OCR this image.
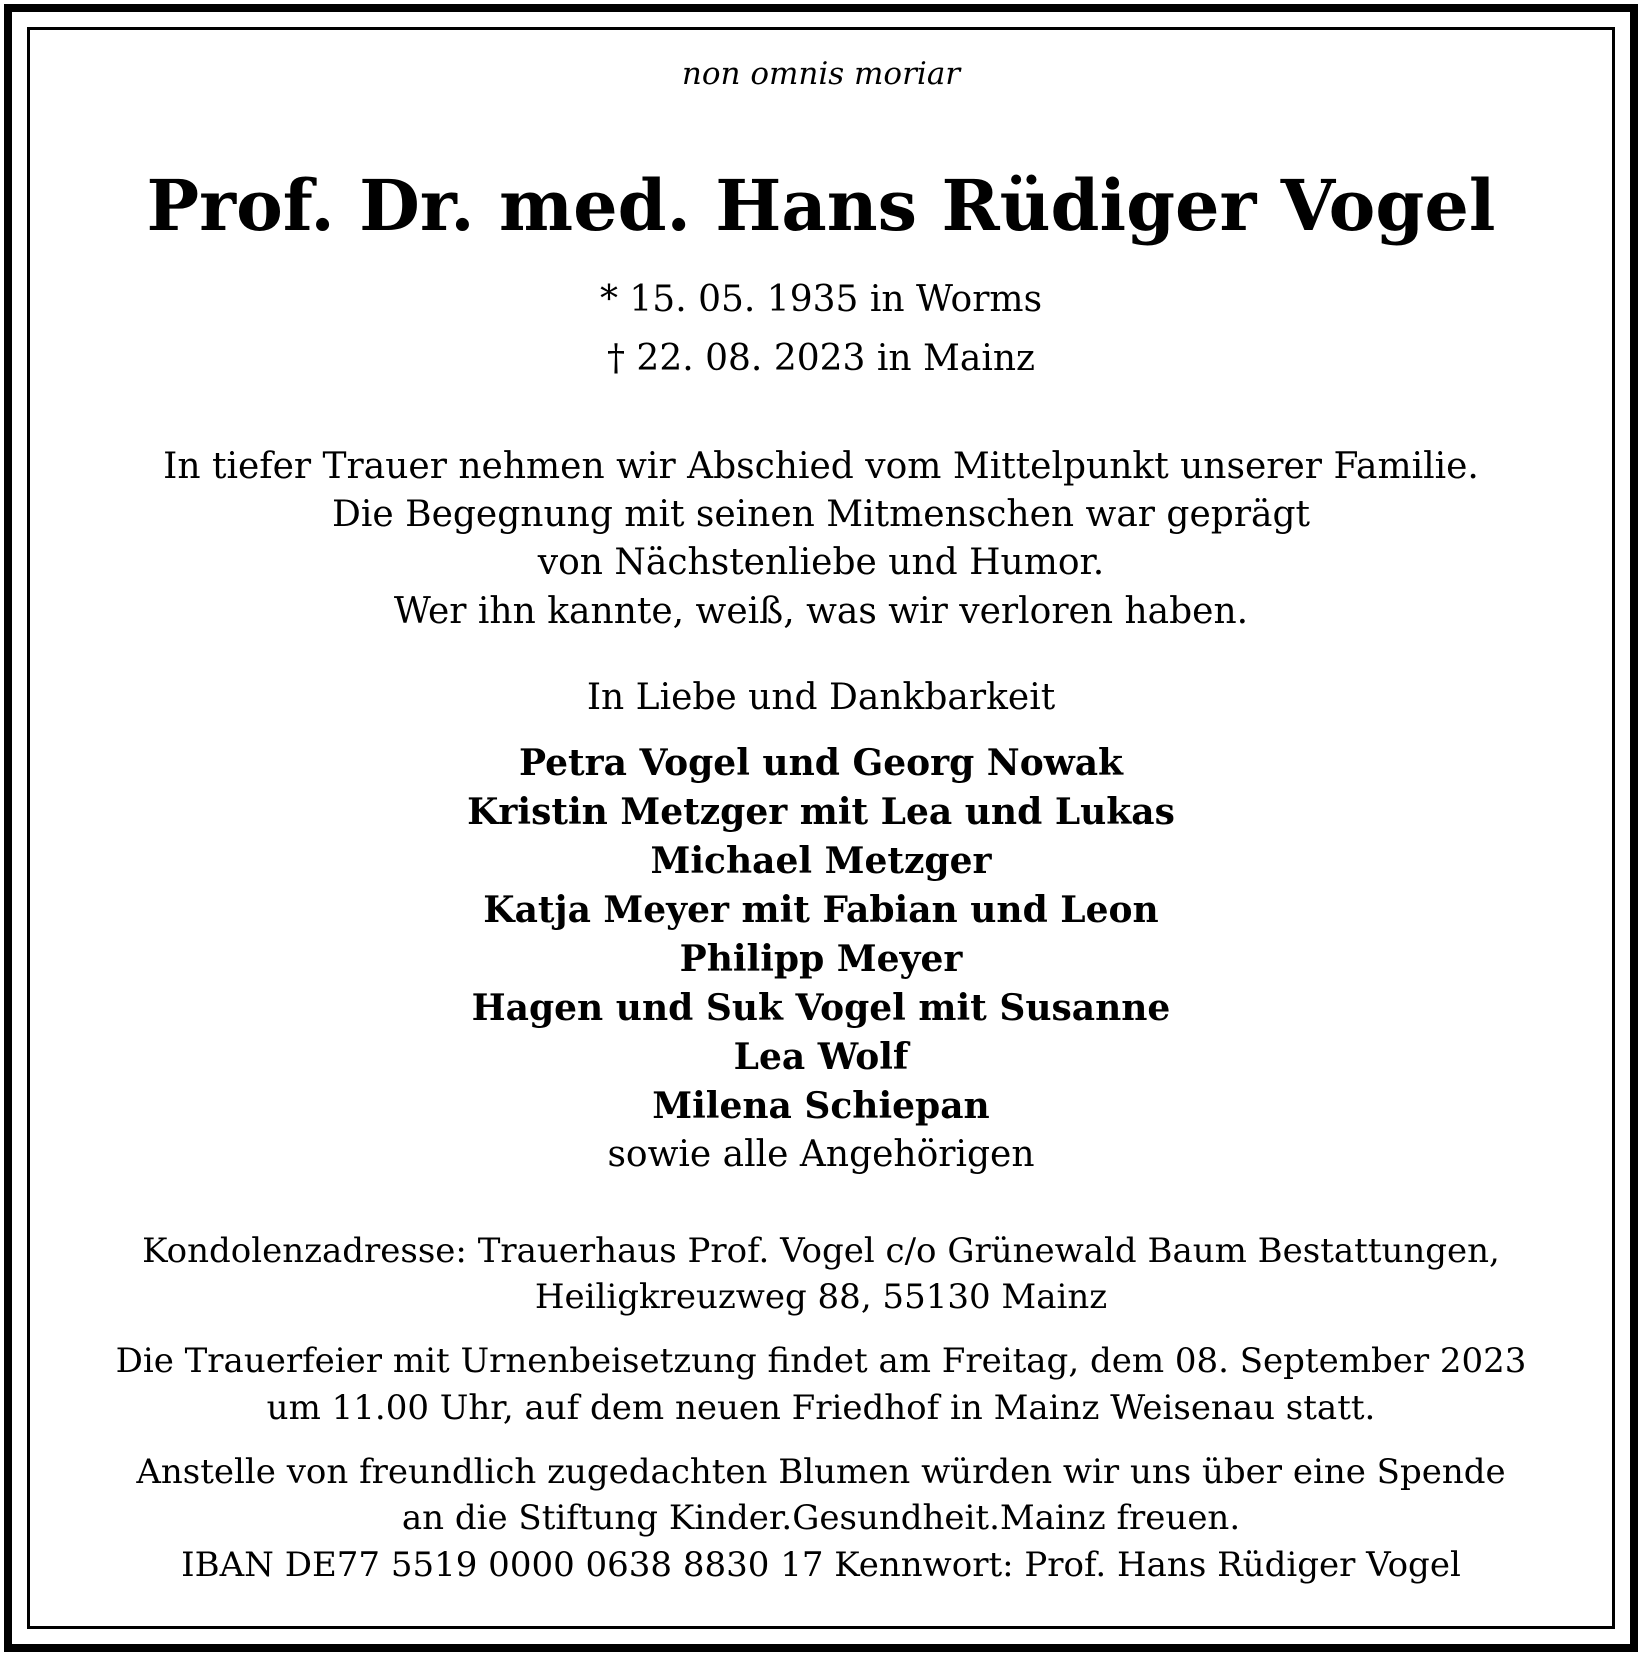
non omnis moriar
Prof. Dr. med. Hans Rüdiger Vogel
* 15. 05. 1935 in Worms
† 22. 08. 2023 in Mainz
In tiefer Trauer nehmen wir Abschied vom Mittelpunkt unserer Familie.
Die Begegnung mit seinen Mitmenschen war geprägt
von Nächstenliebe und Humor.
Wer ihn kannte, weiß, was wir verloren haben.
In Liebe und Dankbarkeit
Petra Vogel und Georg Nowak
Kristin Metzger mit Lea und Lukas
Michael Metzger
Katja Meyer mit Fabian und Leon
Philipp Meyer
Hagen und Suk Vogel mit Susanne
Lea Wolf
Milena Schiepan
sowie alle Angehörigen
Kondolenzadresse: Trauerhaus Prof. Vogel c/o Grünewald Baum Bestattungen,
Heiligkreuzweg 88, 55130 Mainz
Die Trauerfeier mit Urnenbeisetzung findet am Freitag, dem 08. September 2023
um 11.00 Uhr, auf dem neuen Friedhof in Mainz Weisenau statt.
Anstelle von freundlich zugedachten Blumen würden wir uns über eine Spende
an die Stiftung Kinder.Gesundheit.Mainz freuen.
IBAN DE77 5519 0000 0638 8830 17 Kennwort: Prof. Hans Rüdiger Vogel
